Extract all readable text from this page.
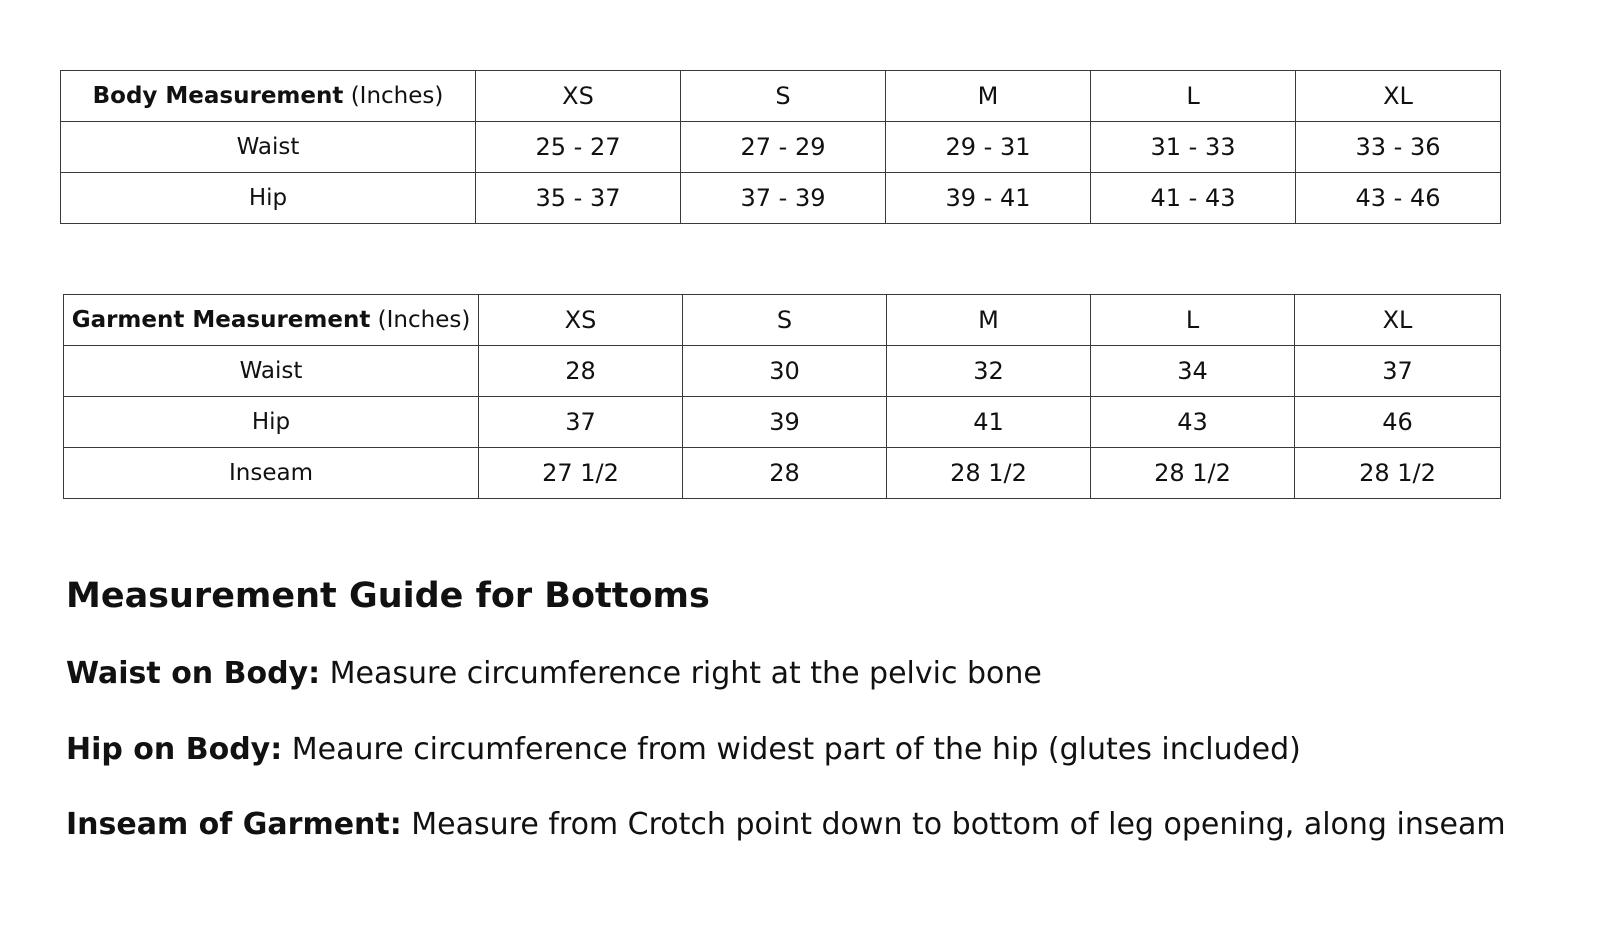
Body Measurement (Inches)	XS	S	M	L	XL
Waist	25 - 27	27 - 29	29 - 31	31 - 33	33 - 36
Hip	35 - 37	37 - 39	39 - 41	41 - 43	43 - 46
Garment Measurement (Inches)	XS	S	M	L	XL
Waist	28	30	32	34	37
Hip	37	39	41	43	46
Inseam	27 1/2	28	28 1/2	28 1/2	28 1/2
Measurement Guide for Bottoms

Waist on Body: Measure circumference right at the pelvic bone

Hip on Body: Meaure circumference from widest part of the hip (glutes included)

Inseam of Garment: Measure from Crotch point down to bottom of leg opening, along inseam
